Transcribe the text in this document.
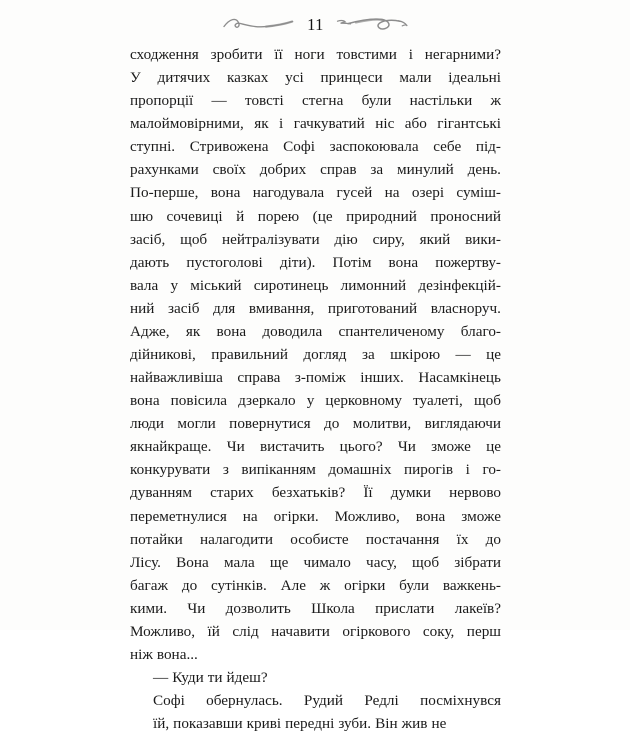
11

сходження зробити її ноги товстими і негарними?
У дитячих казках усі принцеси мали ідеальні
пропорції — товсті стегна були настільки ж
малоймовірними, як і гачкуватий ніс або гігантські
ступні. Стривожена Софі заспокоювала себе під-
рахунками своїх добрих справ за минулий день.
По-перше, вона нагодувала гусей на озері суміш-
шю сочевиці й порею (це природний проносний
засіб, щоб нейтралізувати дію сиру, який вики-
дають пустоголові діти). Потім вона пожертву-
вала у міський сиротинець лимонний дезінфекцій-
ний засіб для вмивання, приготований власноруч.
Адже, як вона доводила спантеличеному благо-
дійникові, правильний догляд за шкірою — це
найважливіша справа з-поміж інших. Насамкінець
вона повісила дзеркало у церковному туалеті, щоб
люди могли повернутися до молитви, виглядаючи
якнайкраще. Чи вистачить цього? Чи зможе це
конкурувати з випіканням домашніх пирогів і го-
дуванням старих безхатьків? Її думки нервово
переметнулися на огірки. Можливо, вона зможе
потайки налагодити особисте постачання їх до
Лісу. Вона мала ще чимало часу, щоб зібрати
багаж до сутінків. Але ж огірки були важкень-
кими. Чи дозволить Школа прислати лакеїв?
Можливо, їй слід начавити огіркового соку, перш
ніж вона...

— Куди ти йдеш?

Софі обернулась. Рудий Редлі посміхнувся
їй, показавши криві передні зуби. Він жив не
